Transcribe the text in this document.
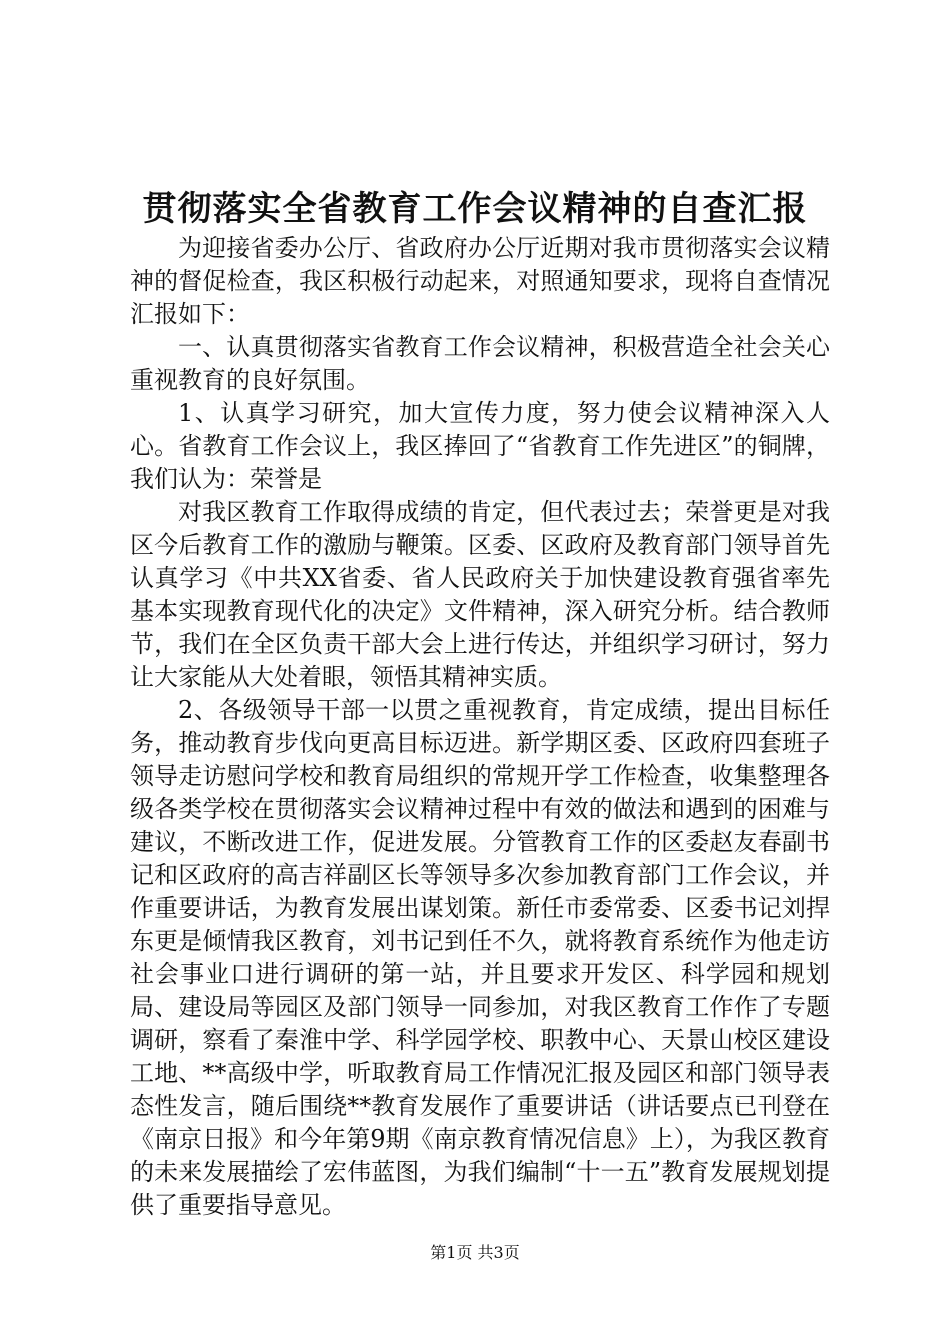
贯彻落实全省教育工作会议精神的自查汇报

为迎接省委办公厅、省政府办公厅近期对我市贯彻落实会议精神的督促检查，我区积极行动起来，对照通知要求，现将自查情况汇报如下：

一、认真贯彻落实省教育工作会议精神，积极营造全社会关心重视教育的良好氛围。

1、认真学习研究，加大宣传力度，努力使会议精神深入人心。省教育工作会议上，我区捧回了“省教育工作先进区”的铜牌，我们认为：荣誉是

对我区教育工作取得成绩的肯定，但代表过去；荣誉更是对我区今后教育工作的激励与鞭策。区委、区政府及教育部门领导首先认真学习《中共XX省委、省人民政府关于加快建设教育强省率先基本实现教育现代化的决定》文件精神，深入研究分析。结合教师节，我们在全区负责干部大会上进行传达，并组织学习研讨，努力让大家能从大处着眼，领悟其精神实质。

2、各级领导干部一以贯之重视教育，肯定成绩，提出目标任务，推动教育步伐向更高目标迈进。新学期区委、区政府四套班子领导走访慰问学校和教育局组织的常规开学工作检查，收集整理各级各类学校在贯彻落实会议精神过程中有效的做法和遇到的困难与建议，不断改进工作，促进发展。分管教育工作的区委赵友春副书记和区政府的高吉祥副区长等领导多次参加教育部门工作会议，并作重要讲话，为教育发展出谋划策。新任市委常委、区委书记刘捍东更是倾情我区教育，刘书记到任不久，就将教育系统作为他走访社会事业口进行调研的第一站，并且要求开发区、科学园和规划局、建设局等园区及部门领导一同参加，对我区教育工作作了专题调研，察看了秦淮中学、科学园学校、职教中心、天景山校区建设工地、**高级中学，听取教育局工作情况汇报及园区和部门领导表态性发言，随后围绕**教育发展作了重要讲话（讲话要点已刊登在《南京日报》和今年第9期《南京教育情况信息》上），为我区教育的未来发展描绘了宏伟蓝图，为我们编制“十一五”教育发展规划提供了重要指导意见。

第1页 共3页
